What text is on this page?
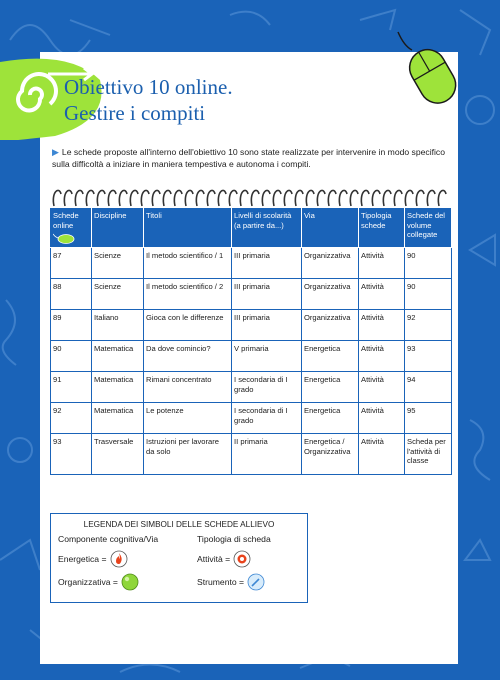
Obiettivo 10 online.
Gestire i compiti
▶ Le schede proposte all'interno dell'obiettivo 10 sono state realizzate per intervenire in modo specifico sulla difficoltà a iniziare in maniera tempestiva e autonoma i compiti.
Schede online	Discipline	Titoli	Livelli di scolarità (a partire da...)	Via	Tipologia schede	Schede del volume collegate
87	Scienze	Il metodo scientifico / 1	III primaria	Organizzativa	Attività	90
88	Scienze	Il metodo scientifico / 2	III primaria	Organizzativa	Attività	90
89	Italiano	Gioca con le differenze	III primaria	Organizzativa	Attività	92
90	Matematica	Da dove comincio?	V primaria	Energetica	Attività	93
91	Matematica	Rimani concentrato	I secondaria di I grado	Energetica	Attività	94
92	Matematica	Le potenze	I secondaria di I grado	Energetica	Attività	95
93	Trasversale	Istruzioni per lavorare da solo	II primaria	Energetica / Organizzativa	Attività	Scheda per l'attività di classe
LEGENDA DEI SIMBOLI DELLE SCHEDE ALLIEVO
Componente cognitiva/Via	Tipologia di scheda
Energetica =
Organizzativa =
Attività =
Strumento =
